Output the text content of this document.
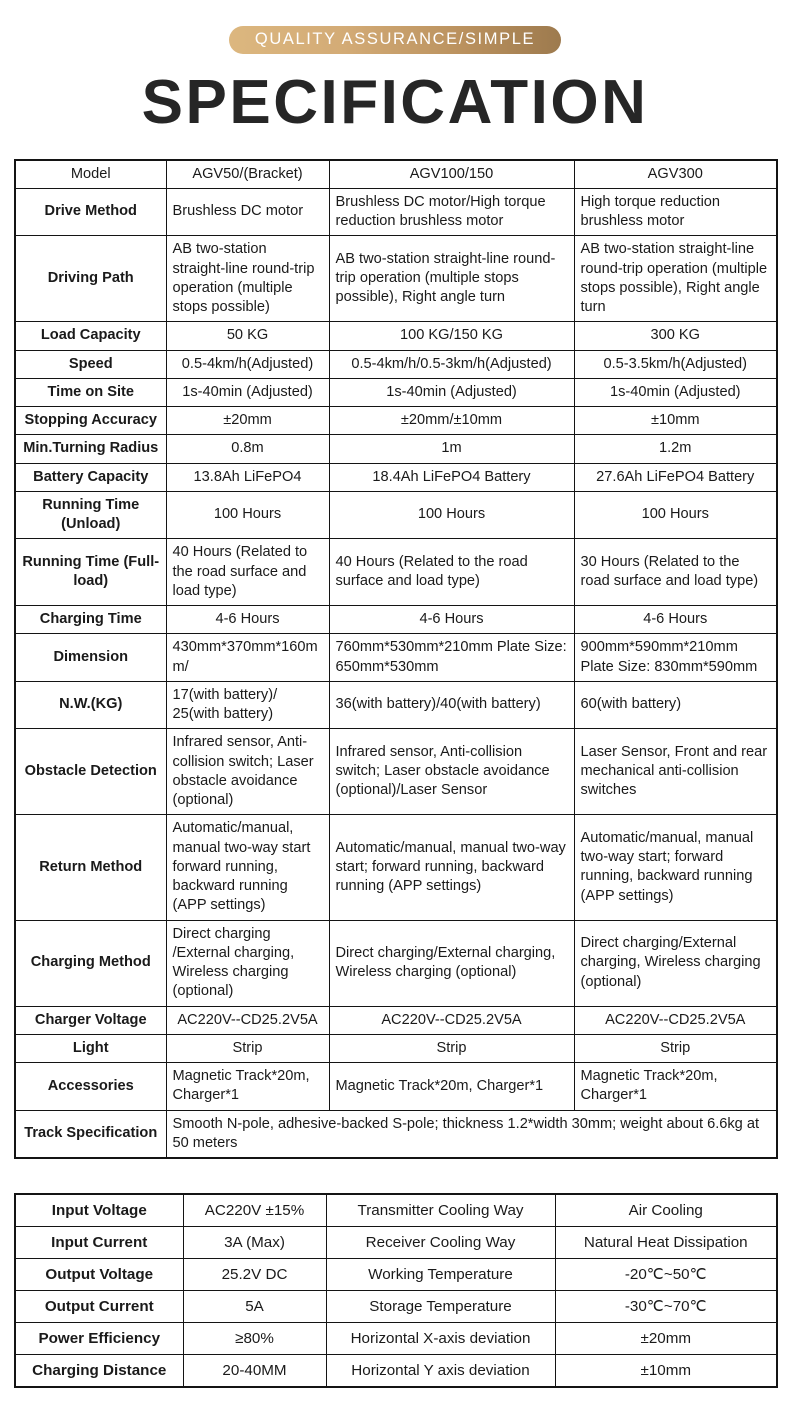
QUALITY ASSURANCE/SIMPLE
SPECIFICATION
Model	AGV50/(Bracket)	AGV100/150	AGV300
Drive Method	Brushless DC motor	Brushless DC motor/High torque reduction brushless motor	High torque reduction brushless motor
Driving Path	AB two-station straight-line round-trip operation (multiple stops possible)	AB two-station straight-line round-trip operation (multiple stops possible), Right angle turn	AB two-station straight-line round-trip operation (multiple stops possible), Right angle turn
Load Capacity	50 KG	100 KG/150 KG	300 KG
Speed	0.5-4km/h(Adjusted)	0.5-4km/h/0.5-3km/h(Adjusted)	0.5-3.5km/h(Adjusted)
Time on Site	1s-40min (Adjusted)	1s-40min (Adjusted)	1s-40min (Adjusted)
Stopping Accuracy	±20mm	±20mm/±10mm	±10mm
Min.Turning Radius	0.8m	1m	1.2m
Battery Capacity	13.8Ah LiFePO4	18.4Ah LiFePO4 Battery	27.6Ah LiFePO4 Battery
Running Time (Unload)	100 Hours	100 Hours	100 Hours
Running Time (Full-load)	40 Hours (Related to the road surface and load type)	40 Hours (Related to the road surface and load type)	30 Hours (Related to the road surface and load type)
Charging Time	4-6 Hours	4-6 Hours	4-6 Hours
Dimension	430mm*370mm*160mm/	760mm*530mm*210mm Plate Size: 650mm*530mm	900mm*590mm*210mm Plate Size: 830mm*590mm
N.W.(KG)	17(with battery)/ 25(with battery)	36(with battery)/40(with battery)	60(with battery)
Obstacle Detection	Infrared sensor, Anti-collision switch; Laser obstacle avoidance (optional)	Infrared sensor, Anti-collision switch; Laser obstacle avoidance (optional)/Laser Sensor	Laser Sensor, Front and rear mechanical anti-collision switches
Return Method	Automatic/manual, manual two-way start forward running, backward running (APP settings)	Automatic/manual, manual two-way start; forward running, backward running (APP settings)	Automatic/manual, manual two-way start; forward running, backward running (APP settings)
Charging Method	Direct charging /External charging, Wireless charging (optional)	Direct charging/External charging, Wireless charging (optional)	Direct charging/External charging, Wireless charging (optional)
Charger Voltage	AC220V--CD25.2V5A	AC220V--CD25.2V5A	AC220V--CD25.2V5A
Light	Strip	Strip	Strip
Accessories	Magnetic Track*20m, Charger*1	Magnetic Track*20m, Charger*1	Magnetic Track*20m, Charger*1
Track Specification	Smooth N-pole, adhesive-backed S-pole; thickness 1.2*width 30mm; weight about 6.6kg at 50 meters		
Input Voltage	AC220V ±15%	Transmitter Cooling Way	Air Cooling
Input Current	3A (Max)	Receiver Cooling Way	Natural Heat Dissipation
Output Voltage	25.2V DC	Working Temperature	-20℃~50℃
Output Current	5A	Storage Temperature	-30℃~70℃
Power Efficiency	≥80%	Horizontal X-axis deviation	±20mm
Charging Distance	20-40MM	Horizontal Y axis deviation	±10mm
